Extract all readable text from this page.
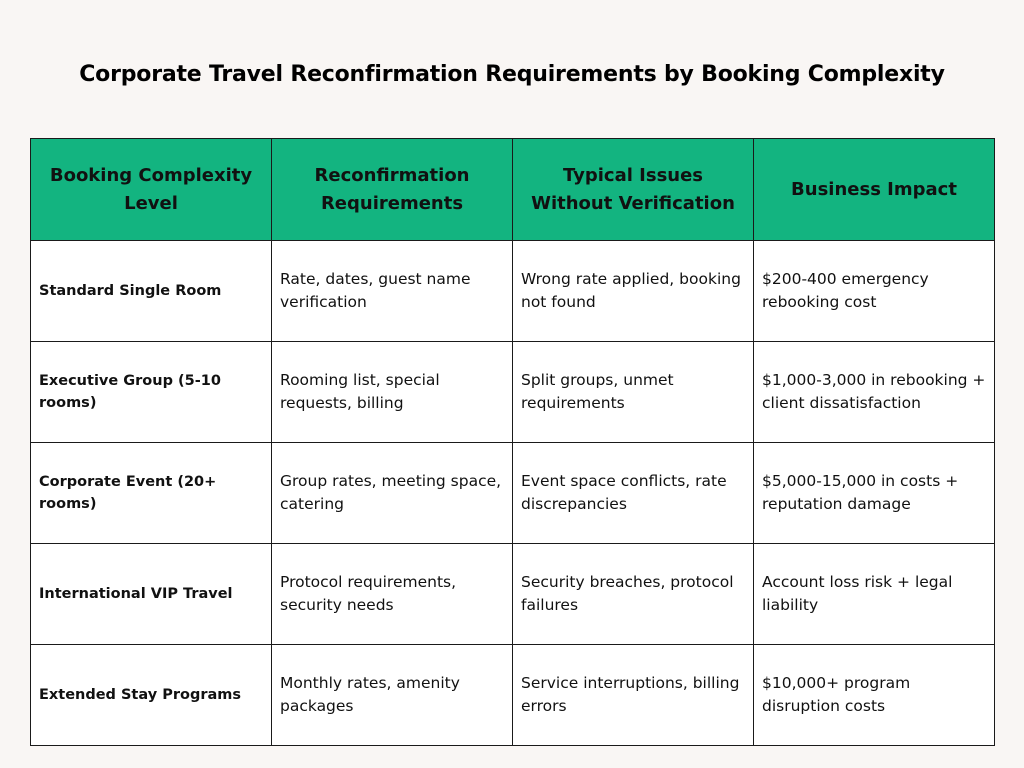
Corporate Travel Reconfirmation Requirements by Booking Complexity
Booking Complexity Level	Reconfirmation Requirements	Typical Issues Without Verification	Business Impact
Standard Single Room	Rate, dates, guest name verification	Wrong rate applied, booking not found	$200-400 emergency rebooking cost
Executive Group (5-10 rooms)	Rooming list, special requests, billing	Split groups, unmet requirements	$1,000-3,000 in rebooking + client dissatisfaction
Corporate Event (20+ rooms)	Group rates, meeting space, catering	Event space conflicts, rate discrepancies	$5,000-15,000 in costs + reputation damage
International VIP Travel	Protocol requirements, security needs	Security breaches, protocol failures	Account loss risk + legal liability
Extended Stay Programs	Monthly rates, amenity packages	Service interruptions, billing errors	$10,000+ program disruption costs
